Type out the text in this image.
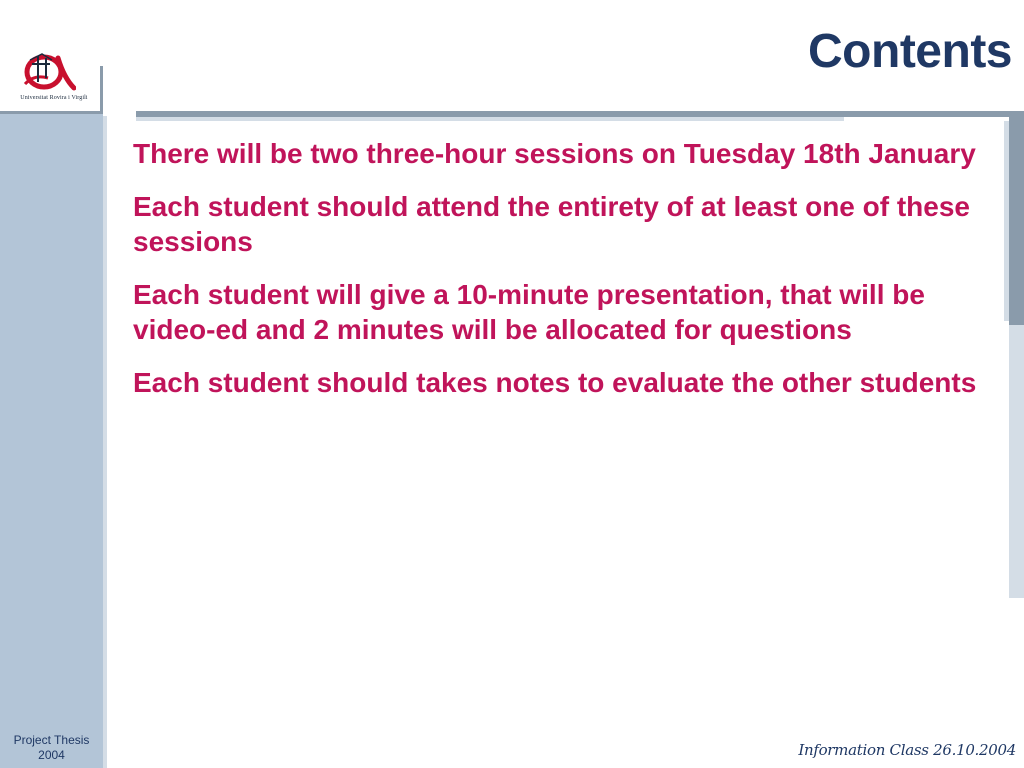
Universitat Rovira i Virgili
Contents

There will be two three-hour sessions on Tuesday 18th January

Each student should attend the entirety of at least one of these sessions

Each student will give a 10-minute presentation, that will be video-ed and 2 minutes will be allocated for questions

Each student should takes notes to evaluate the other students

Project Thesis
2004	Information Class 26.10.2004
